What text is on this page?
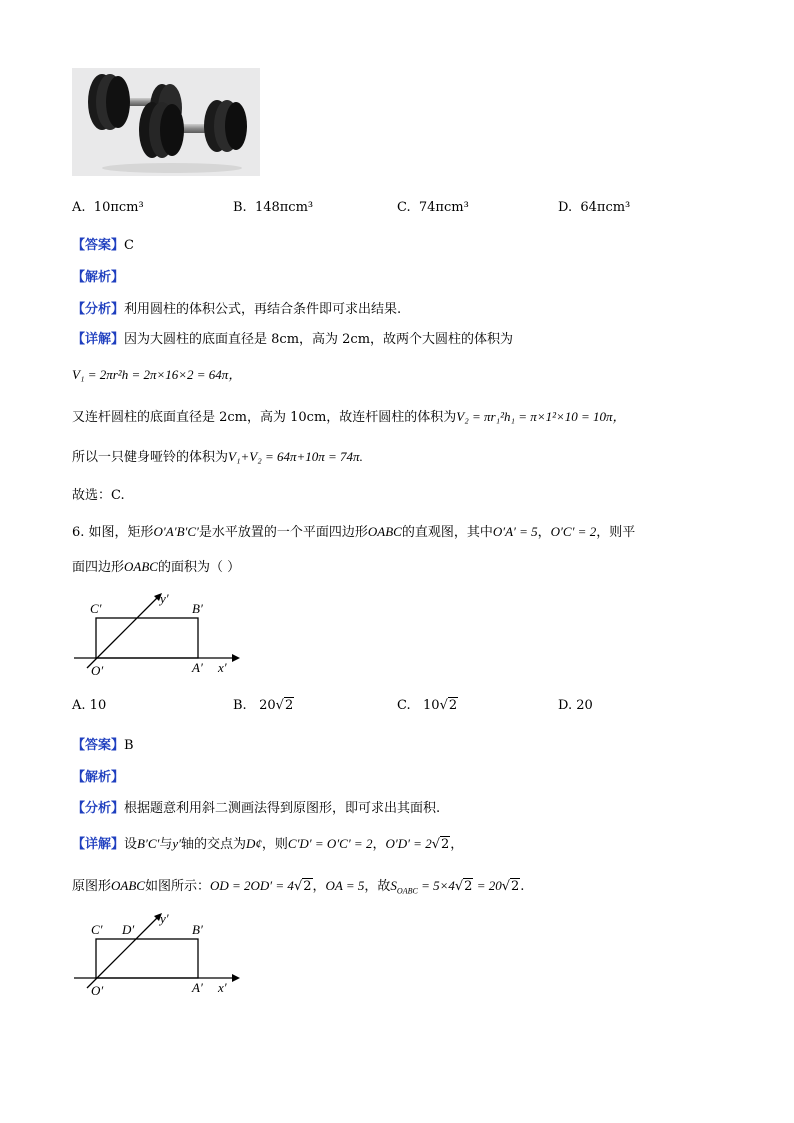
A. 10πcm³	B. 148πcm³	C. 74πcm³	D. 64πcm³
【答案】C
【解析】
【分析】利用圆柱的体积公式，再结合条件即可求出结果.
【详解】因为大圆柱的底面直径是 8cm，高为 2cm，故两个大圆柱的体积为
V₁ = 2πr²h = 2π×16×2 = 64π，
又连杆圆柱的底面直径是 2cm，高为 10cm，故连杆圆柱的体积为V₂ = πr₁²h₁ = π×1²×10 = 10π，
所以一只健身哑铃的体积为V₁+V₂ = 64π+10π = 74π.
故选：C.
6. 如图，矩形O′A′B′C′是水平放置的一个平面四边形OABC的直观图，其中O′A′ = 5，O′C′ = 2，则平
面四边形OABC的面积为（ ）
C′	B′
y′
O′	A′ x′
A. 10	B. 20√2	C. 10√2	D. 20
【答案】B
【解析】
【分析】根据题意利用斜二测画法得到原图形，即可求出其面积.
【详解】设B′C′与y′轴的交点为D¢，则C′D′ = O′C′ = 2，O′D′ = 2√2，
原图形OABC如图所示：OD = 2OD′ = 4√2，OA = 5，故$S_{OABC} = 5\times 4√2 = 20√2$.
C′ D′	B′
y′
O′	A′ x′
